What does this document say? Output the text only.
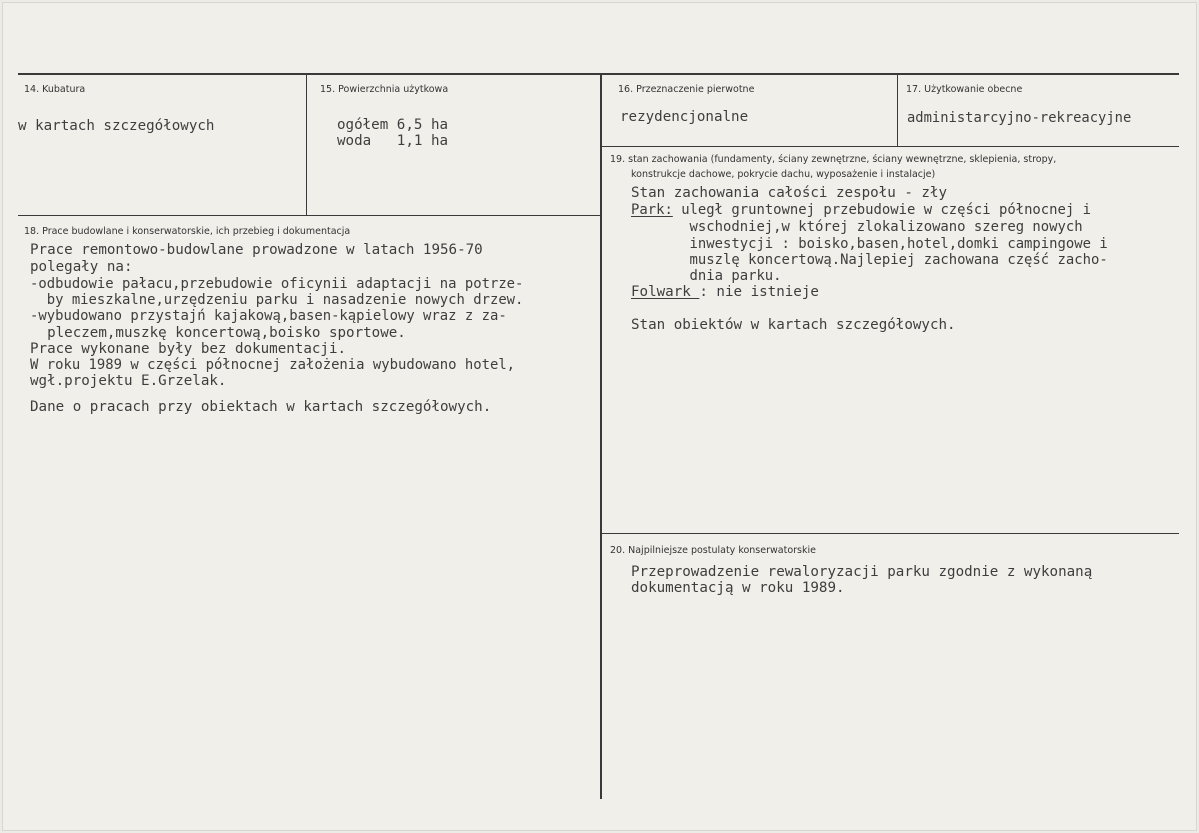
14. Kubatura
w kartach szczegółowych
15. Powierzchnia użytkowa
ogółem 6,5 ha
woda   1,1 ha
16. Przeznaczenie pierwotne
rezydencjonalne
17. Użytkowanie obecne
administarcyjno-rekreacyjne
18. Prace budowlane i konserwatorskie, ich przebieg i dokumentacja
Prace remontowo-budowlane prowadzone w latach 1956-70
polegały na:
-odbudowie pałacu,przebudowie oficynii adaptacji na potrze-
by mieszkalne,urzędzeniu parku i nasadzenie nowych drzew.
-wybudowano przystajń kajakową,basen-kąpielowy wraz z za-
pleczem,muszkę koncertową,boisko sportowe.
Prace wykonane były bez dokumentacji.
W roku 1989 w części północnej założenia wybudowano hotel,
wgł.projektu E.Grzelak.
Dane o pracach przy obiektach w kartach szczegółowych.
19. stan zachowania (fundamenty, ściany zewnętrzne, ściany wewnętrzne, sklepienia, stropy,
konstrukcje dachowe, pokrycie dachu, wyposażenie i instalacje)
Stan zachowania całości zespołu - zły
Park: uległ gruntownej przebudowie w części północnej i
wschodniej,w której zlokalizowano szereg nowych
inwestycji : boisko,basen,hotel,domki campingowe i
muszlę koncertową.Najlepiej zachowana część zacho-
dnia parku.
Folwark : nie istnieje
Stan obiektów w kartach szczegółowych.
20. Najpilniejsze postulaty konserwatorskie
Przeprowadzenie rewaloryzacji parku zgodnie z wykonaną
dokumentacją w roku 1989.
